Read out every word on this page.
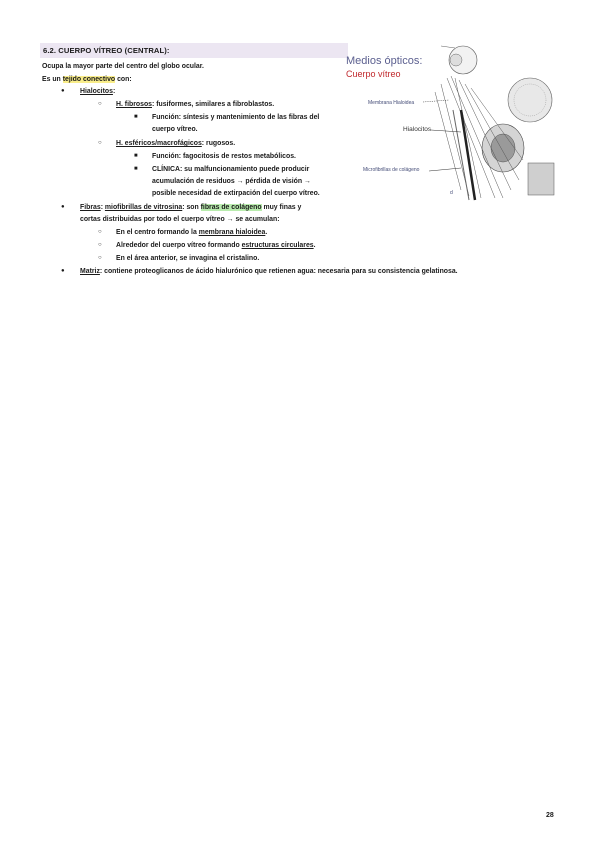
6.2. CUERPO VÍTREO (CENTRAL):
Ocupa la mayor parte del centro del globo ocular.
Es un tejido conectivo con:
● Hialocitos:
○ H. fibrosos: fusiformes, similares a fibroblastos.
■ Función: síntesis y mantenimiento de las fibras del
cuerpo vítreo.
○ H. esféricos/macrofágicos: rugosos.
■ Función: fagocitosis de restos metabólicos.
■ CLÍNICA: su malfuncionamiento puede producir
acumulación de residuos → pérdida de visión →
posible necesidad de extirpación del cuerpo vítreo.
● Fibras: miofibrillas de vitrosina: son fibras de colágeno muy finas y
cortas distribuidas por todo el cuerpo vítreo → se acumulan:
○ En el centro formando la membrana hialoidea.
○ Alrededor del cuerpo vítreo formando estructuras circulares.
○ En el área anterior, se invagina el cristalino.
● Matriz: contiene proteoglicanos de ácido hialurónico que retienen agua: necesaria para su consistencia gelatinosa.
Medios ópticos:
Cuerpo vítreo
Membrana Hialoidea
Hialocitos
Microfibrillas de colágeno
d
28
